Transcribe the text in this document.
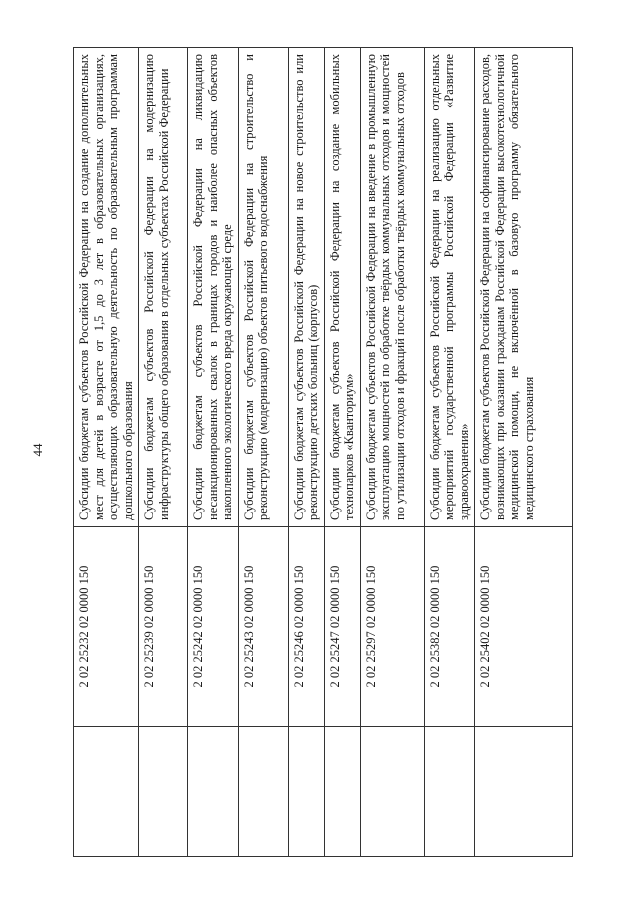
44
	2 02 25232 02 0000 150	Субсидии бюджетам субъектов Российской Федерации на создание дополнительных мест для детей в возрасте от 1,5 до 3 лет в образовательных организациях, осуществляющих образовательную деятельность по образовательным программам дошкольного образования
	2 02 25239 02 0000 150	Субсидии бюджетам субъектов Российской Федерации на модернизацию инфраструктуры общего образования в отдельных субъектах Российской Федерации
	2 02 25242 02 0000 150	Субсидии бюджетам субъектов Российской Федерации на ликвидацию несанкционированных свалок в границах городов и наиболее опасных объектов накопленного экологического вреда окружающей среде
	2 02 25243 02 0000 150	Субсидии бюджетам субъектов Российской Федерации на строительство и реконструкцию (модернизацию) объектов питьевого водоснабжения
	2 02 25246 02 0000 150	Субсидии бюджетам субъектов Российской Федерации на новое строительство или реконструкцию детских больниц (корпусов)
	2 02 25247 02 0000 150	Субсидии бюджетам субъектов Российской Федерации на создание мобильных технопарков «Кванториум»
	2 02 25297 02 0000 150	Субсидии бюджетам субъектов Российской Федерации на введение в промышленную эксплуатацию мощностей по обработке твёрдых коммунальных отходов и мощностей по утилизации отходов и фракций после обработки твёрдых коммунальных отходов
	2 02 25382 02 0000 150	Субсидии бюджетам субъектов Российской Федерации на реализацию отдельных мероприятий государственной программы Российской Федерации «Развитие здравоохранения»
	2 02 25402 02 0000 150	Субсидии бюджетам субъектов Российской Федерации на софинансирование расходов, возникающих при оказании гражданам Российской Федерации высокотехнологичной медицинской помощи, не включённой в базовую программу обязательного медицинского страхования
